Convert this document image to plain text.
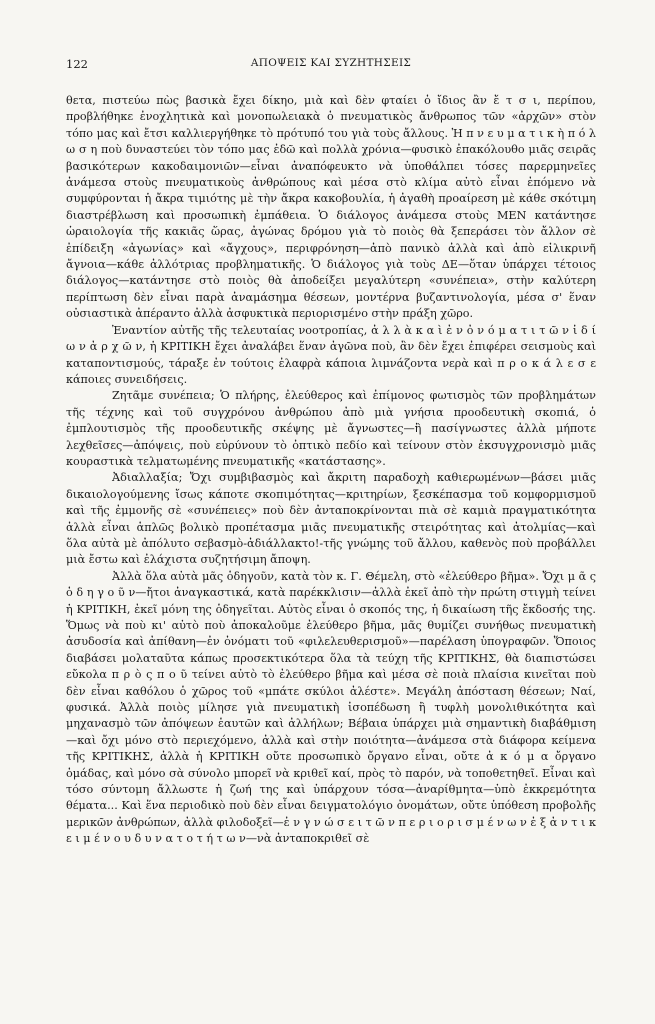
122	ΑΠΟΨΕΙΣ ΚΑΙ ΣΥΖΗΤΗΣΕΙΣ

θετα, πιστεύω πὼς βασικὰ ἔχει δίκηο, μιὰ καὶ δὲν φταίει ὁ ἴδιος ἂν ἔ τ σ ι, περίπου, προβλήθηκε ἐνοχλητικὰ καὶ μονοπωλειακὰ ὁ πνευματικὸς ἄνθρωπος τῶν «ἀρχῶν» στὸν τόπο μας καὶ ἔτσι καλλιεργήθηκε τὸ πρότυπό του γιὰ τοὺς ἄλλους. Ἡ π ν ε υ μ α τ ι κ ὴ π ό λ ω σ η ποὺ δυναστεύει τὸν τόπο μας ἐδῶ καὶ πολλὰ χρόνια—φυσικὸ ἐπακόλουθο μιᾶς σειρᾶς βασικότερων κακοδαιμονιῶν—εἶναι ἀναπόφευκτο νὰ ὑποθάλπει τόσες παρερμηνεῖες ἀνάμεσα στοὺς πνευματικοὺς ἀνθρώπους καὶ μέσα στὸ κλίμα αὐτὸ εἶναι ἐπόμενο νὰ συμφύρονται ἡ ἄκρα τιμιότης μὲ τὴν ἄκρα κακοβουλία, ἡ ἀγαθὴ προαίρεση μὲ κάθε σκότιμη διαστρέβλωση καὶ προσωπικὴ ἐμπάθεια. Ὁ διάλογος ἀνάμεσα στοὺς ΜΕΝ κατάντησε ὡραιολογία τῆς κακιᾶς ὥρας, ἀγώνας δρόμου γιὰ τὸ ποιὸς θὰ ξεπεράσει τὸν ἄλλον σὲ ἐπίδειξη «ἀγωνίας» καὶ «ἄγχους», περιφρόνηση—ἀπὸ πανικὸ ἀλλὰ καὶ ἀπὸ εἰλικρινῆ ἄγνοια—κάθε ἀλλότριας προβληματικῆς. Ὁ διάλογος γιὰ τοὺς ΔΕ—ὅταν ὑπάρχει τέτοιος διάλογος—κατάντησε στὸ ποιὸς θὰ ἀποδείξει μεγαλύτερη «συνέπεια», στὴν καλύτερη περίπτωση δὲν εἶναι παρὰ ἀναμάσημα θέσεων, μοντέρνα βυζαντινολογία, μέσα σ' ἕναν οὐσιαστικὰ ἀπέραντο ἀλλὰ ἀσφυκτικὰ περιορισμένο στὴν πράξη χῶρο.

Ἐναντίον αὐτῆς τῆς τελευταίας νοοτροπίας, ἀ λ λ ὰ κ α ὶ ἐ ν ὀ ν ό μ α τ ι τ ῶ ν ἰ δ ί ω ν ἀ ρ χ ῶ ν, ἡ ΚΡΙΤΙΚΗ ἔχει ἀναλάβει ἕναν ἀγῶνα ποὺ, ἂν δὲν ἔχει ἐπιφέρει σεισμοὺς καὶ καταποντισμούς, τάραξε ἐν τούτοις ἐλαφρὰ κάποια λιμνάζοντα νερὰ καὶ π ρ ο κ ά λ ε σ ε κάποιες συνειδήσεις.

Ζητᾶμε συνέπεια; Ὁ πλήρης, ἐλεύθερος καὶ ἐπίμονος φωτισμὸς τῶν προβλημάτων τῆς τέχνης καὶ τοῦ συγχρόνου ἀνθρώπου ἀπὸ μιὰ γνήσια προοδευτικὴ σκοπιά, ὁ ἐμπλουτισμὸς τῆς προοδευτικῆς σκέψης μὲ ἄγνωστες—ἢ πασίγνωστες ἀλλὰ μήποτε λεχθεῖσες—ἀπόψεις, ποὺ εὐρύνουν τὸ ὀπτικὸ πεδίο καὶ τείνουν στὸν ἐκσυγχρονισμὸ μιᾶς κουραστικὰ τελματωμένης πνευματικῆς «κατάστασης».

Ἀδιαλλαξία; Ὄχι συμβιβασμὸς καὶ ἄκριτη παραδοχὴ καθιερωμένων—βάσει μιᾶς δικαιολογούμενης ἴσως κάποτε σκοπιμότητας—κριτηρίων, ξεσκέπασμα τοῦ κομφορμισμοῦ καὶ τῆς ἐμμονῆς σὲ «συνέπειες» ποὺ δὲν ἀνταποκρίνονται πιὰ σὲ καμιὰ πραγματικότητα ἀλλὰ εἶναι ἁπλῶς βολικὸ προπέτασμα μιᾶς πνευματικῆς στειρότητας καὶ ἀτολμίας—καὶ ὅλα αὐτὰ μὲ ἀπόλυτο σεβασμὸ-ἀδιάλλακτο!-τῆς γνώμης τοῦ ἄλλου, καθενὸς ποὺ προβάλλει μιὰ ἔστω καὶ ἐλάχιστα συζητήσιμη ἄποψη.

Ἀλλὰ ὅλα αὐτὰ μᾶς ὁδηγοῦν, κατὰ τὸν κ. Γ. Θέμελη, στὸ «ἐλεύθερο βῆμα». Ὄχι μ ᾶ ς ὁ δ η γ ο ῦ ν—ἤτοι ἀναγκαστικά, κατὰ παρέκκλισιν—ἀλλὰ ἐκεῖ ἀπὸ τὴν πρώτη στιγμὴ τείνει ἡ ΚΡΙΤΙΚΗ, ἐκεῖ μόνη της ὁδηγεῖται. Αὐτὸς εἶναι ὁ σκοπός της, ἡ δικαίωση τῆς ἔκδοσής της. Ὅμως νὰ ποὺ κι' αὐτὸ ποὺ ἀποκαλοῦμε ἐλεύθερο βῆμα, μᾶς θυμίζει συνήθως πνευματικὴ ἀσυδοσία καὶ ἀπίθανη—ἐν ὀνόματι τοῦ «φιλελευθερισμοῦ»—παρέλαση ὑπογραφῶν. Ὅποιος διαβάσει μολαταῦτα κάπως προσεκτικότερα ὅλα τὰ τεύχη τῆς ΚΡΙΤΙΚΗΣ, θὰ διαπιστώσει εὔκολα π ρ ὸ ς π ο ῦ τείνει αὐτὸ τὸ ἐλεύθερο βῆμα καὶ μέσα σὲ ποιὰ πλαίσια κινεῖται ποὺ δὲν εἶναι καθόλου ὁ χῶρος τοῦ «μπάτε σκύλοι ἀλέστε». Μεγάλη ἀπόσταση θέσεων; Ναί, φυσικά. Ἀλλὰ ποιὸς μίλησε γιὰ πνευματικὴ ἰσοπέδωση ἢ τυφλὴ μονολιθικότητα καὶ μηχανασμὸ τῶν ἀπόψεων ἑαυτῶν καὶ ἀλλήλων; Βέβαια ὑπάρχει μιὰ σημαντικὴ διαβάθμιση—καὶ ὄχι μόνο στὸ περιεχόμενο, ἀλλὰ καὶ στὴν ποιότητα—ἀνάμεσα στὰ διάφορα κείμενα τῆς ΚΡΙΤΙΚΗΣ, ἀλλὰ ἡ ΚΡΙΤΙΚΗ οὔτε προσωπικὸ ὄργανο εἶναι, οὔτε ἀ κ ό μ α ὄργανο ὁμάδας, καὶ μόνο σὰ σύνολο μπορεῖ νὰ κριθεῖ καί, πρὸς τὸ παρόν, νὰ τοποθετηθεῖ. Εἶναι καὶ τόσο σύντομη ἄλλωστε ἡ ζωή της καὶ ὑπάρχουν τόσα—ἀναρίθμητα—ὑπὸ ἐκκρεμότητα θέματα... Καὶ ἕνα περιοδικὸ ποὺ δὲν εἶναι δειγματολόγιο ὀνομάτων, οὔτε ὑπόθεση προβολῆς μερικῶν ἀνθρώπων, ἀλλὰ φιλοδοξεῖ—ἐ ν γ ν ώ σ ε ι τ ῶ ν π ε ρ ι ο ρ ι σ μ έ ν ω ν ἐ ξ ἀ ν τ ι κ ε ι μ έ ν ο υ δ υ ν α τ ο τ ή τ ω ν—νὰ ἀνταποκριθεῖ σὲ
